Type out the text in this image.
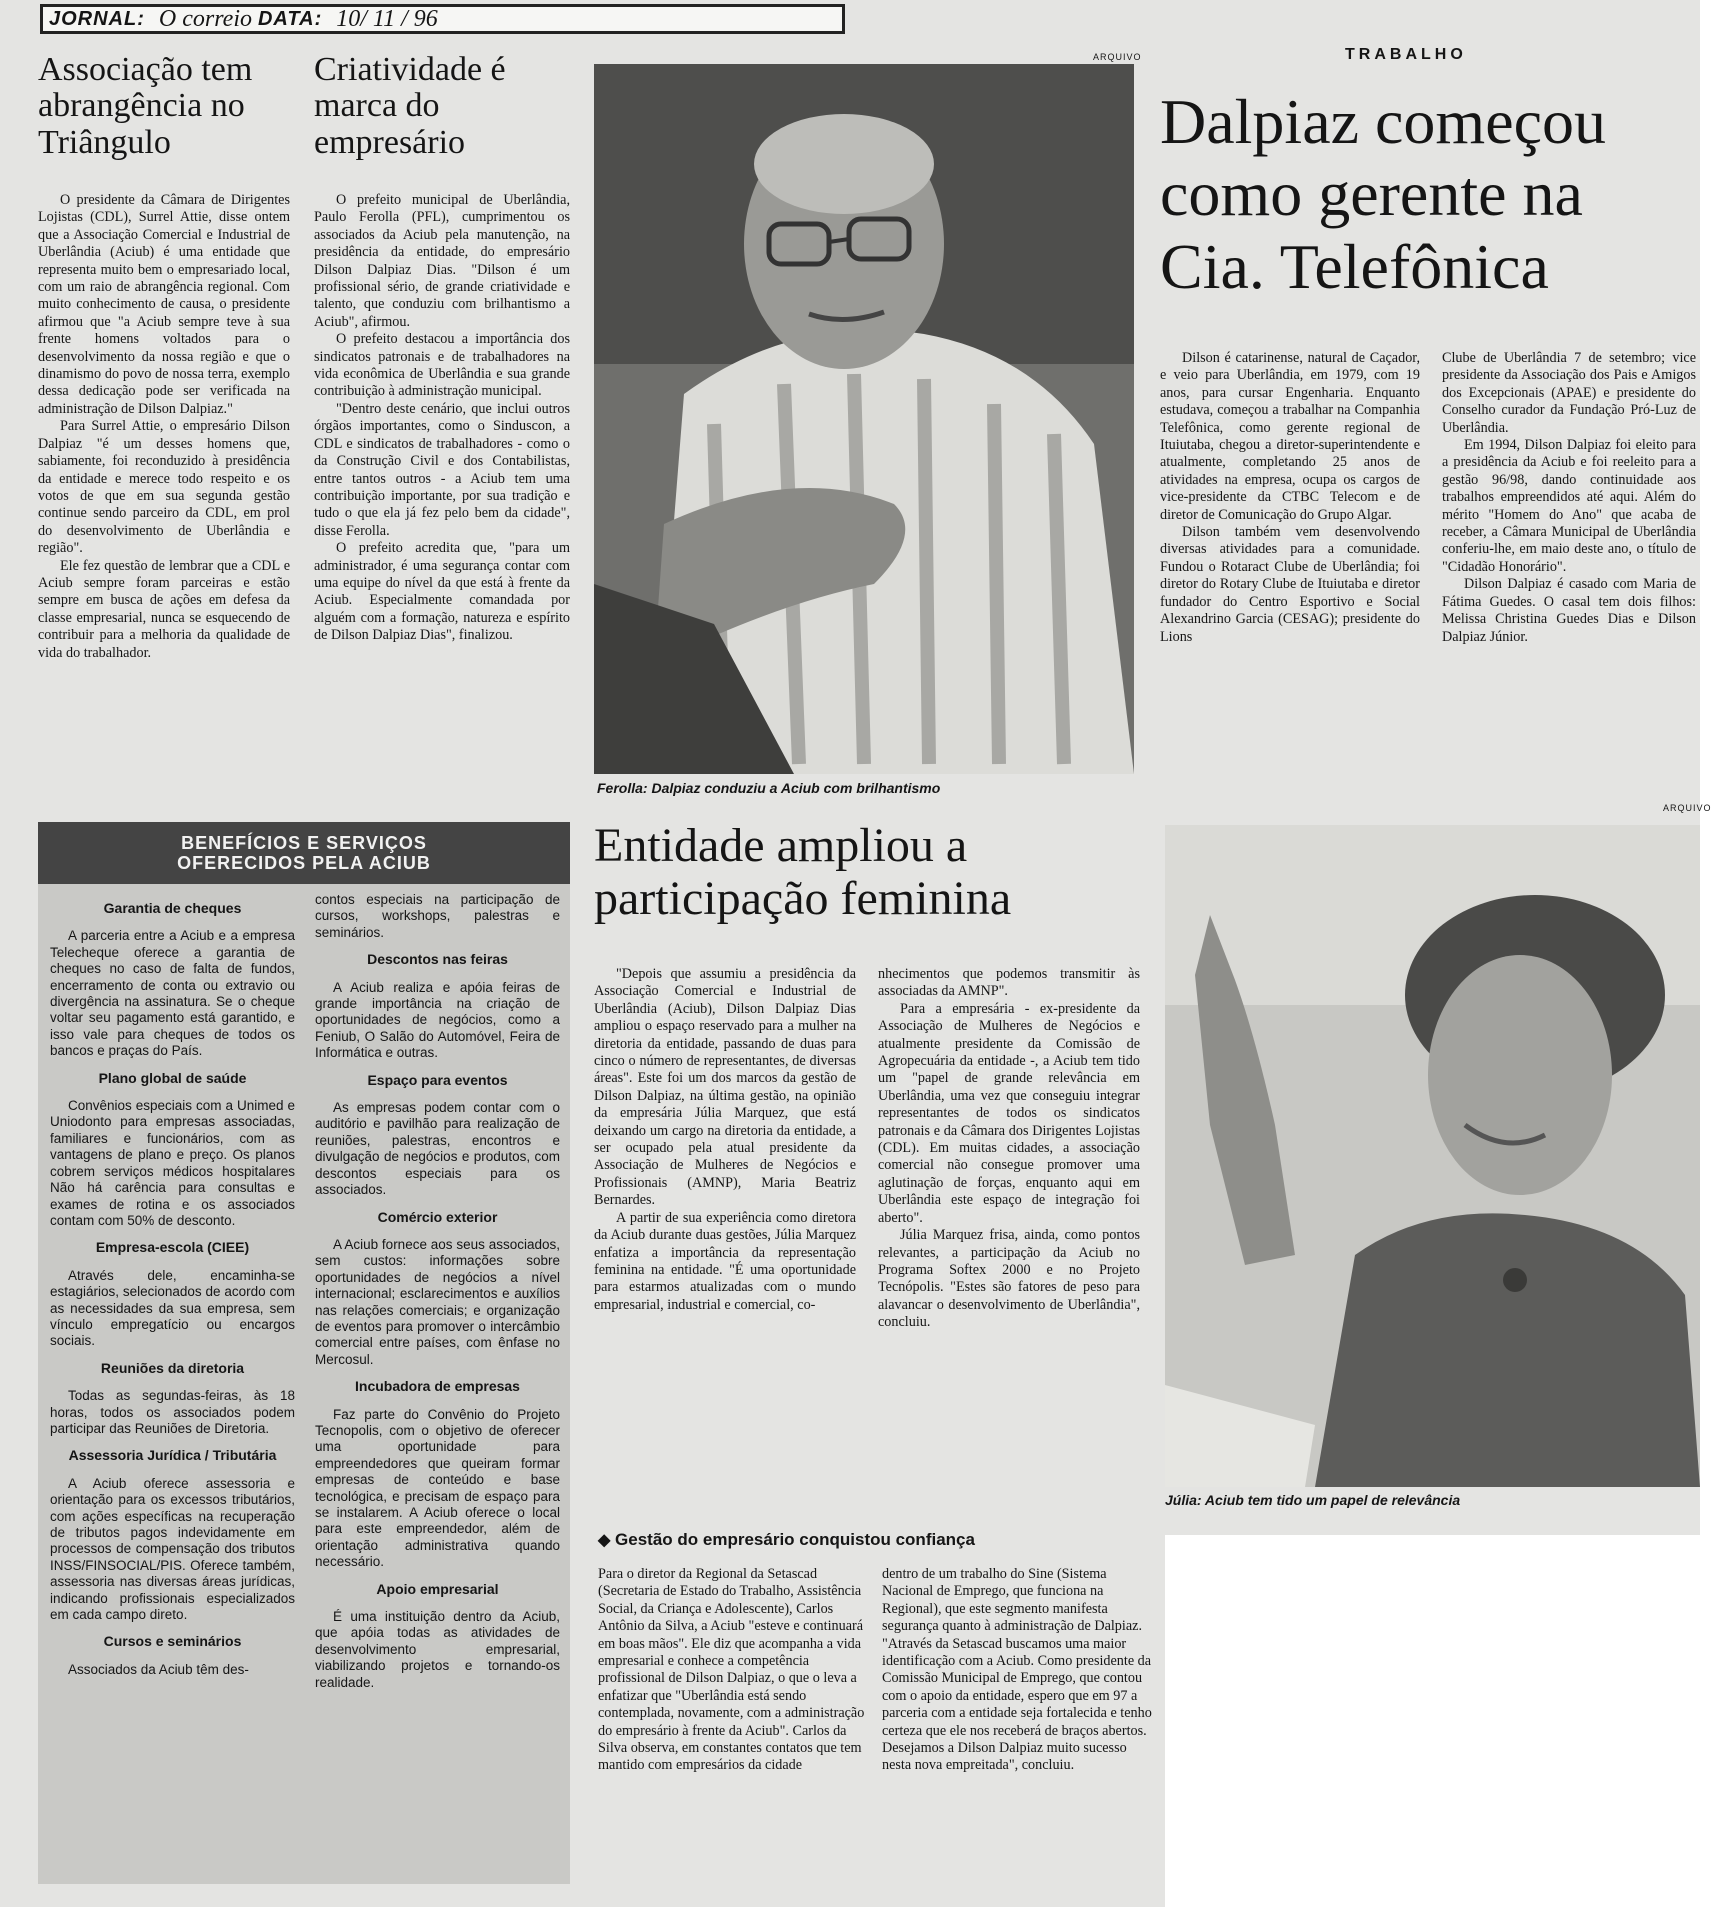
JORNAL: O correio DATA: 10/ 11 / 96
TRABALHO
ARQUIVO
ARQUIVO
Associação tem abrangência no Triângulo

O presidente da Câmara de Dirigentes Lojistas (CDL), Surrel Attie, disse ontem que a Associação Comercial e Industrial de Uberlândia (Aciub) é uma entidade que representa muito bem o empresariado local, com um raio de abrangência regional. Com muito conhecimento de causa, o presidente afirmou que "a Aciub sempre teve à sua frente homens voltados para o desenvolvimento da nossa região e que o dinamismo do povo de nossa terra, exemplo dessa dedicação pode ser verificada na administração de Dilson Dalpiaz."

Para Surrel Attie, o empresário Dilson Dalpiaz "é um desses homens que, sabiamente, foi reconduzido à presidência da entidade e merece todo respeito e os votos de que em sua segunda gestão continue sendo parceiro da CDL, em prol do desenvolvimento de Uberlândia e região".

Ele fez questão de lembrar que a CDL e Aciub sempre foram parceiras e estão sempre em busca de ações em defesa da classe empresarial, nunca se esquecendo de contribuir para a melhoria da qualidade de vida do trabalhador.

Criatividade é marca do empresário

O prefeito municipal de Uberlândia, Paulo Ferolla (PFL), cumprimentou os associados da Aciub pela manutenção, na presidência da entidade, do empresário Dilson Dalpiaz Dias. "Dilson é um profissional sério, de grande criatividade e talento, que conduziu com brilhantismo a Aciub", afirmou.

O prefeito destacou a importância dos sindicatos patronais e de trabalhadores na vida econômica de Uberlândia e sua grande contribuição à administração municipal.

"Dentro deste cenário, que inclui outros órgãos importantes, como o Sinduscon, a CDL e sindicatos de trabalhadores - como o da Construção Civil e dos Contabilistas, entre tantos outros - a Aciub tem uma contribuição importante, por sua tradição e tudo o que ela já fez pelo bem da cidade", disse Ferolla.

O prefeito acredita que, "para um administrador, é uma segurança contar com uma equipe do nível da que está à frente da Aciub. Especialmente comandada por alguém com a formação, natureza e espírito de Dilson Dalpiaz Dias", finalizou.

Ferolla: Dalpiaz conduziu a Aciub com brilhantismo
Dalpiaz começou como gerente na Cia. Telefônica

Dilson é catarinense, natural de Caçador, e veio para Uberlândia, em 1979, com 19 anos, para cursar Engenharia. Enquanto estudava, começou a trabalhar na Companhia Telefônica, como gerente regional de Ituiutaba, chegou a diretor-superintendente e atualmente, completando 25 anos de atividades na empresa, ocupa os cargos de vice-presidente da CTBC Telecom e de diretor de Comunicação do Grupo Algar.

Dilson também vem desenvolvendo diversas atividades para a comunidade. Fundou o Rotaract Clube de Uberlândia; foi diretor do Rotary Clube de Ituiutaba e diretor fundador do Centro Esportivo e Social Alexandrino Garcia (CESAG); presidente do Lions

Clube de Uberlândia 7 de setembro; vice presidente da Associação dos Pais e Amigos dos Excepcionais (APAE) e presidente do Conselho curador da Fundação Pró-Luz de Uberlândia.

Em 1994, Dilson Dalpiaz foi eleito para a presidência da Aciub e foi reeleito para a gestão 96/98, dando continuidade aos trabalhos empreendidos até aqui. Além do mérito "Homem do Ano" que acaba de receber, a Câmara Municipal de Uberlândia conferiu-lhe, em maio deste ano, o título de "Cidadão Honorário".

Dilson Dalpiaz é casado com Maria de Fátima Guedes. O casal tem dois filhos: Melissa Christina Guedes Dias e Dilson Dalpiaz Júnior.

Entidade ampliou a participação feminina

"Depois que assumiu a presidência da Associação Comercial e Industrial de Uberlândia (Aciub), Dilson Dalpiaz Dias ampliou o espaço reservado para a mulher na diretoria da entidade, passando de duas para cinco o número de representantes, de diversas áreas". Este foi um dos marcos da gestão de Dilson Dalpiaz, na última gestão, na opinião da empresária Júlia Marquez, que está deixando um cargo na diretoria da entidade, a ser ocupado pela atual presidente da Associação de Mulheres de Negócios e Profissionais (AMNP), Maria Beatriz Bernardes.

A partir de sua experiência como diretora da Aciub durante duas gestões, Júlia Marquez enfatiza a importância da representação feminina na entidade. "É uma oportunidade para estarmos atualizadas com o mundo empresarial, industrial e comercial, co-

nhecimentos que podemos transmitir às associadas da AMNP".

Para a empresária - ex-presidente da Associação de Mulheres de Negócios e atualmente presidente da Comissão de Agropecuária da entidade -, a Aciub tem tido um "papel de grande relevância em Uberlândia, uma vez que conseguiu integrar representantes de todos os sindicatos patronais e da Câmara dos Dirigentes Lojistas (CDL). Em muitas cidades, a associação comercial não consegue promover uma aglutinação de forças, enquanto aqui em Uberlândia este espaço de integração foi aberto".

Júlia Marquez frisa, ainda, como pontos relevantes, a participação da Aciub no Programa Softex 2000 e no Projeto Tecnópolis. "Estes são fatores de peso para alavancar o desenvolvimento de Uberlândia", concluiu.

Júlia: Aciub tem tido um papel de relevância
◆ Gestão do empresário conquistou confiança

Para o diretor da Regional da Setascad (Secretaria de Estado do Trabalho, Assistência Social, da Criança e Adolescente), Carlos Antônio da Silva, a Aciub "esteve e continuará em boas mãos". Ele diz que acompanha a vida empresarial e conhece a competência profissional de Dilson Dalpiaz, o que o leva a enfatizar que "Uberlândia está sendo contemplada, novamente, com a administração do empresário à frente da Aciub". Carlos da Silva observa, em constantes contatos que tem mantido com empresários da cidade

dentro de um trabalho do Sine (Sistema Nacional de Emprego, que funciona na Regional), que este segmento manifesta segurança quanto à administração de Dalpiaz. "Através da Setascad buscamos uma maior identificação com a Aciub. Como presidente da Comissão Municipal de Emprego, que contou com o apoio da entidade, espero que em 97 a parceria com a entidade seja fortalecida e tenho certeza que ele nos receberá de braços abertos. Desejamos a Dilson Dalpiaz muito sucesso nesta nova empreitada", concluiu.

BENEFÍCIOS E SERVIÇOS
OFERECIDOS PELA ACIUB
Garantia de cheques

A parceria entre a Aciub e a empresa Telecheque oferece a garantia de cheques no caso de falta de fundos, encerramento de conta ou extravio ou divergência na assinatura. Se o cheque voltar seu pagamento está garantido, e isso vale para cheques de todos os bancos e praças do País.

Plano global de saúde

Convênios especiais com a Unimed e Uniodonto para empresas associadas, familiares e funcionários, com as vantagens de plano e preço. Os planos cobrem serviços médicos hospitalares Não há carência para consultas e exames de rotina e os associados contam com 50% de desconto.

Empresa-escola (CIEE)

Através dele, encaminha-se estagiários, selecionados de acordo com as necessidades da sua empresa, sem vínculo empregatício ou encargos sociais.

Reuniões da diretoria

Todas as segundas-feiras, às 18 horas, todos os associados podem participar das Reuniões de Diretoria.

Assessoria Jurídica / Tributária

A Aciub oferece assessoria e orientação para os excessos tributários, com ações específicas na recuperação de tributos pagos indevidamente em processos de compensação dos tributos INSS/FINSOCIAL/PIS. Oferece também, assessoria nas diversas áreas jurídicas, indicando profissionais especializados em cada campo direto.

Cursos e seminários

Associados da Aciub têm des-

contos especiais na participação de cursos, workshops, palestras e seminários.

Descontos nas feiras

A Aciub realiza e apóia feiras de grande importância na criação de oportunidades de negócios, como a Feniub, O Salão do Automóvel, Feira de Informática e outras.

Espaço para eventos

As empresas podem contar com o auditório e pavilhão para realização de reuniões, palestras, encontros e divulgação de negócios e produtos, com descontos especiais para os associados.

Comércio exterior

A Aciub fornece aos seus associados, sem custos: informações sobre oportunidades de negócios a nível internacional; esclarecimentos e auxílios nas relações comerciais; e organização de eventos para promover o intercâmbio comercial entre países, com ênfase no Mercosul.

Incubadora de empresas

Faz parte do Convênio do Projeto Tecnopolis, com o objetivo de oferecer uma oportunidade para empreendedores que queiram formar empresas de conteúdo e base tecnológica, e precisam de espaço para se instalarem. A Aciub oferece o local para este empreendedor, além de orientação administrativa quando necessário.

Apoio empresarial

É uma instituição dentro da Aciub, que apóia todas as atividades de desenvolvimento empresarial, viabilizando projetos e tornando-os realidade.
